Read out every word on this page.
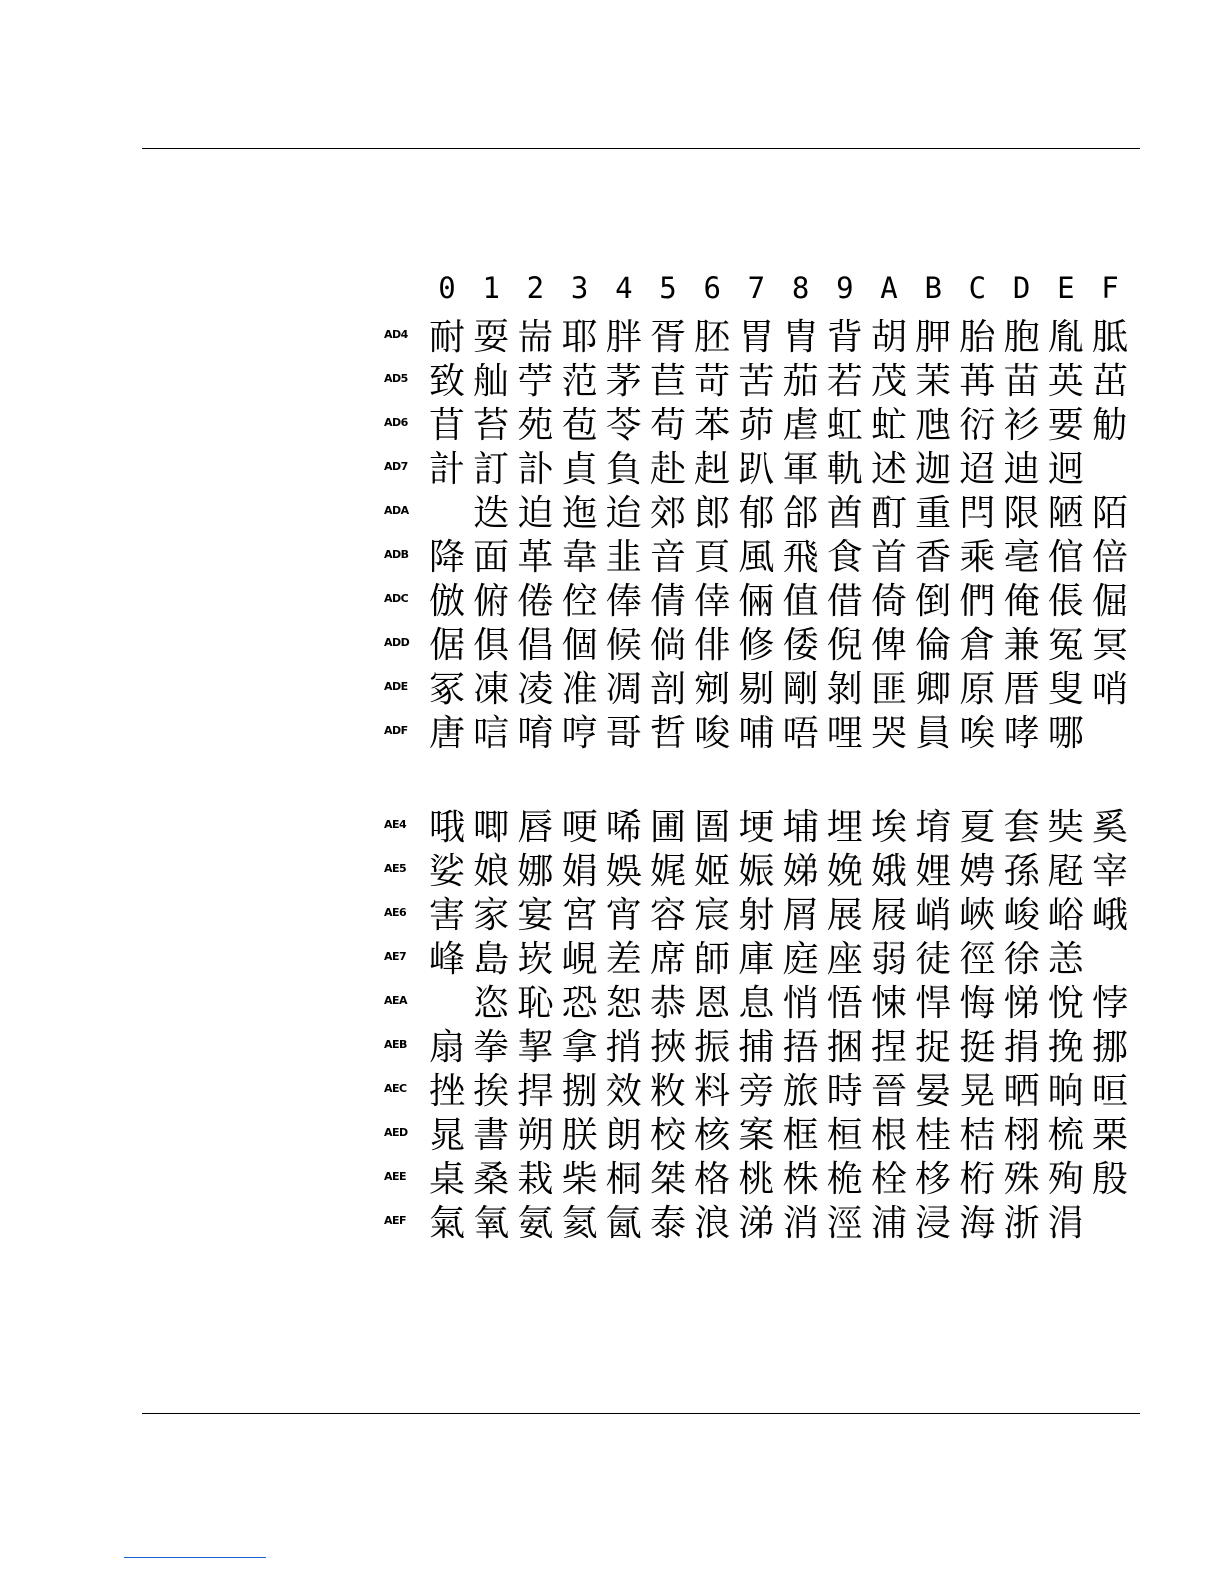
0 1 2 3 4 5 6 7 8 9 A B C D E F
AD4 耐 耍 耑 耶 胖 胥 胚 胃 胄 背 胡 胛 胎 胞 胤 胝
AD5 致 舢 苧 范 茅 苣 苛 苦 茄 若 茂 茉 苒 苗 英 茁
AD6 苜 苔 苑 苞 苓 苟 苯 茆 虐 虹 虻 虺 衍 衫 要 觔
AD7 計 訂 訃 貞 負 赴 赳 趴 軍 軌 述 迦 迢 迪 迥
ADA	迭 迫 迤 迨 郊 郎 郁 郃 酋 酊 重 閂 限 陋 陌
ADB 降 面 革 韋 韭 音 頁 風 飛 食 首 香 乘 亳 倌 倍
ADC 倣 俯 倦 倥 俸 倩 倖 倆 值 借 倚 倒 們 俺 倀 倔
ADD 倨 俱 倡 個 候 倘 俳 修 倭 倪 俾 倫 倉 兼 冤 冥
ADE 冢 凍 凌 准 凋 剖 剜 剔 剛 剝 匪 卿 原 厝 叟 哨
ADF 唐 唁 唷 哼 哥 哲 唆 哺 唔 哩 哭 員 唉 哮 哪
AE4 哦 唧 唇 哽 唏 圃 圄 埂 埔 埋 埃 堉 夏 套 奘 奚
AE5 娑 娘 娜 娟 娛 娓 姬 娠 娣 娩 娥 娌 娉 孫 屘 宰
AE6 害 家 宴 宮 宵 容 宸 射 屑 展 屐 峭 峽 峻 峪 峨
AE7 峰 島 崁 峴 差 席 師 庫 庭 座 弱 徒 徑 徐 恙
AEA	恣 恥 恐 恕 恭 恩 息 悄 悟 悚 悍 悔 悌 悅 悖
AEB 扇 拳 挈 拿 捎 挾 振 捕 捂 捆 捏 捉 挺 捐 挽 挪
AEC 挫 挨 捍 捌 效 敉 料 旁 旅 時 晉 晏 晃 晒 晌 晅
AED 晁 書 朔 朕 朗 校 核 案 框 桓 根 桂 桔 栩 梳 栗
AEE 桌 桑 栽 柴 桐 桀 格 桃 株 桅 栓 栘 桁 殊 殉 殷
AEF 氣 氧 氨 氦 氤 泰 浪 涕 消 涇 浦 浸 海 浙 涓
